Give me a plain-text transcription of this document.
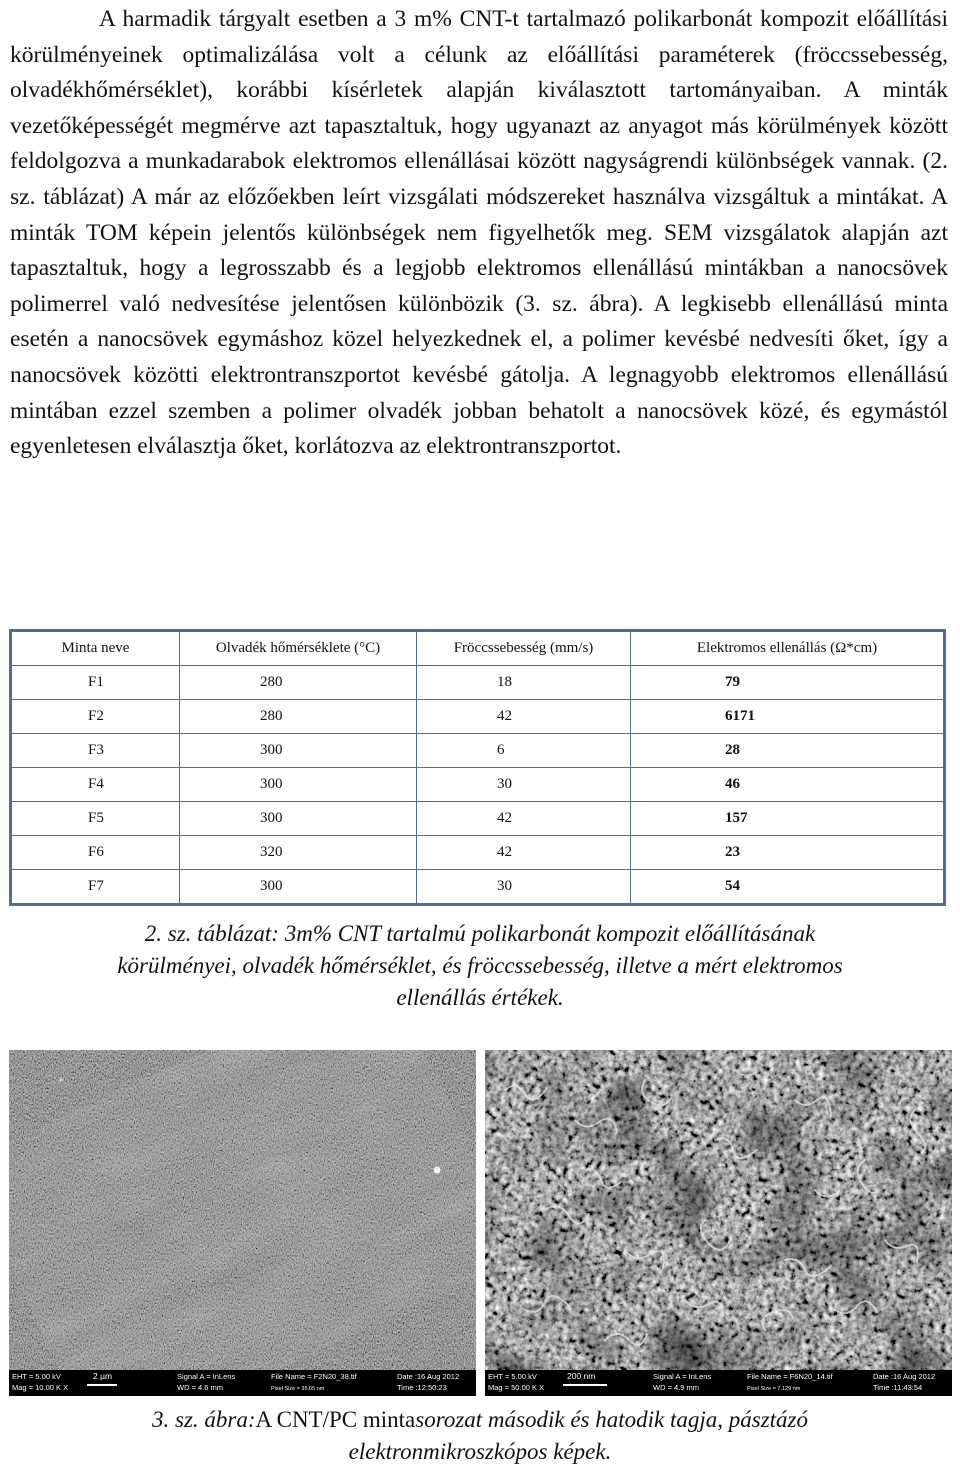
A harmadik tárgyalt esetben a 3 m% CNT-t tartalmazó polikarbonát kompozit előállítási körülményeinek optimalizálása volt a célunk az előállítási paraméterek (fröccssebesség, olvadékhőmérséklet), korábbi kísérletek alapján kiválasztott tartományaiban. A minták vezetőképességét megmérve azt tapasztaltuk, hogy ugyanazt az anyagot más körülmények között feldolgozva a munkadarabok elektromos ellenállásai között nagyságrendi különbségek vannak. (2. sz. táblázat) A már az előzőekben leírt vizsgálati módszereket használva vizsgáltuk a mintákat. A minták TOM képein jelentős különbségek nem figyelhetők meg. SEM vizsgálatok alapján azt tapasztaltuk, hogy a legrosszabb és a legjobb elektromos ellenállású mintákban a nanocsövek polimerrel való nedvesítése jelentősen különbözik (3. sz. ábra). A legkisebb ellenállású minta esetén a nanocsövek egymáshoz közel helyezkednek el, a polimer kevésbé nedvesíti őket, így a nanocsövek közötti elektrontranszportot kevésbé gátolja. A legnagyobb elektromos ellenállású mintában ezzel szemben a polimer olvadék jobban behatolt a nanocsövek közé, és egymástól egyenletesen elválasztja őket, korlátozva az elektrontranszportot.

Minta neve	Olvadék hőmérséklete (°C)	Fröccssebesség (mm/s)	Elektromos ellenállás (Ω*cm)
F1	280	18	79
F2	280	42	6171
F3	300	6	28
F4	300	30	46
F5	300	42	157
F6	320	42	23
F7	300	30	54
2. sz. táblázat: 3m% CNT tartalmú polikarbonát kompozit előállításának
körülményei, olvadék hőmérséklet, és fröccssebesség, illetve a mért elektromos
ellenállás értékek.
2 µm
EHT = 5.00 kV
Mag = 10.00 K X
Signal A = InLens
WD = 4.6 mm
File Name = F2N20_38.tif
Pixel Size = 35.65 nm
Date :16 Aug 2012
Time :12:50:23
200 nm
EHT = 5.00 kV
Mag = 50.00 K X
Signal A = InLens
WD = 4.9 mm
File Name = F6N20_14.tif
Pixel Size = 7.129 nm
Date :16 Aug 2012
Time :11:43:54
3. sz. ábra:A CNT/PC mintasorozat második és hatodik tagja, pásztázó
elektronmikroszkópos képek.
